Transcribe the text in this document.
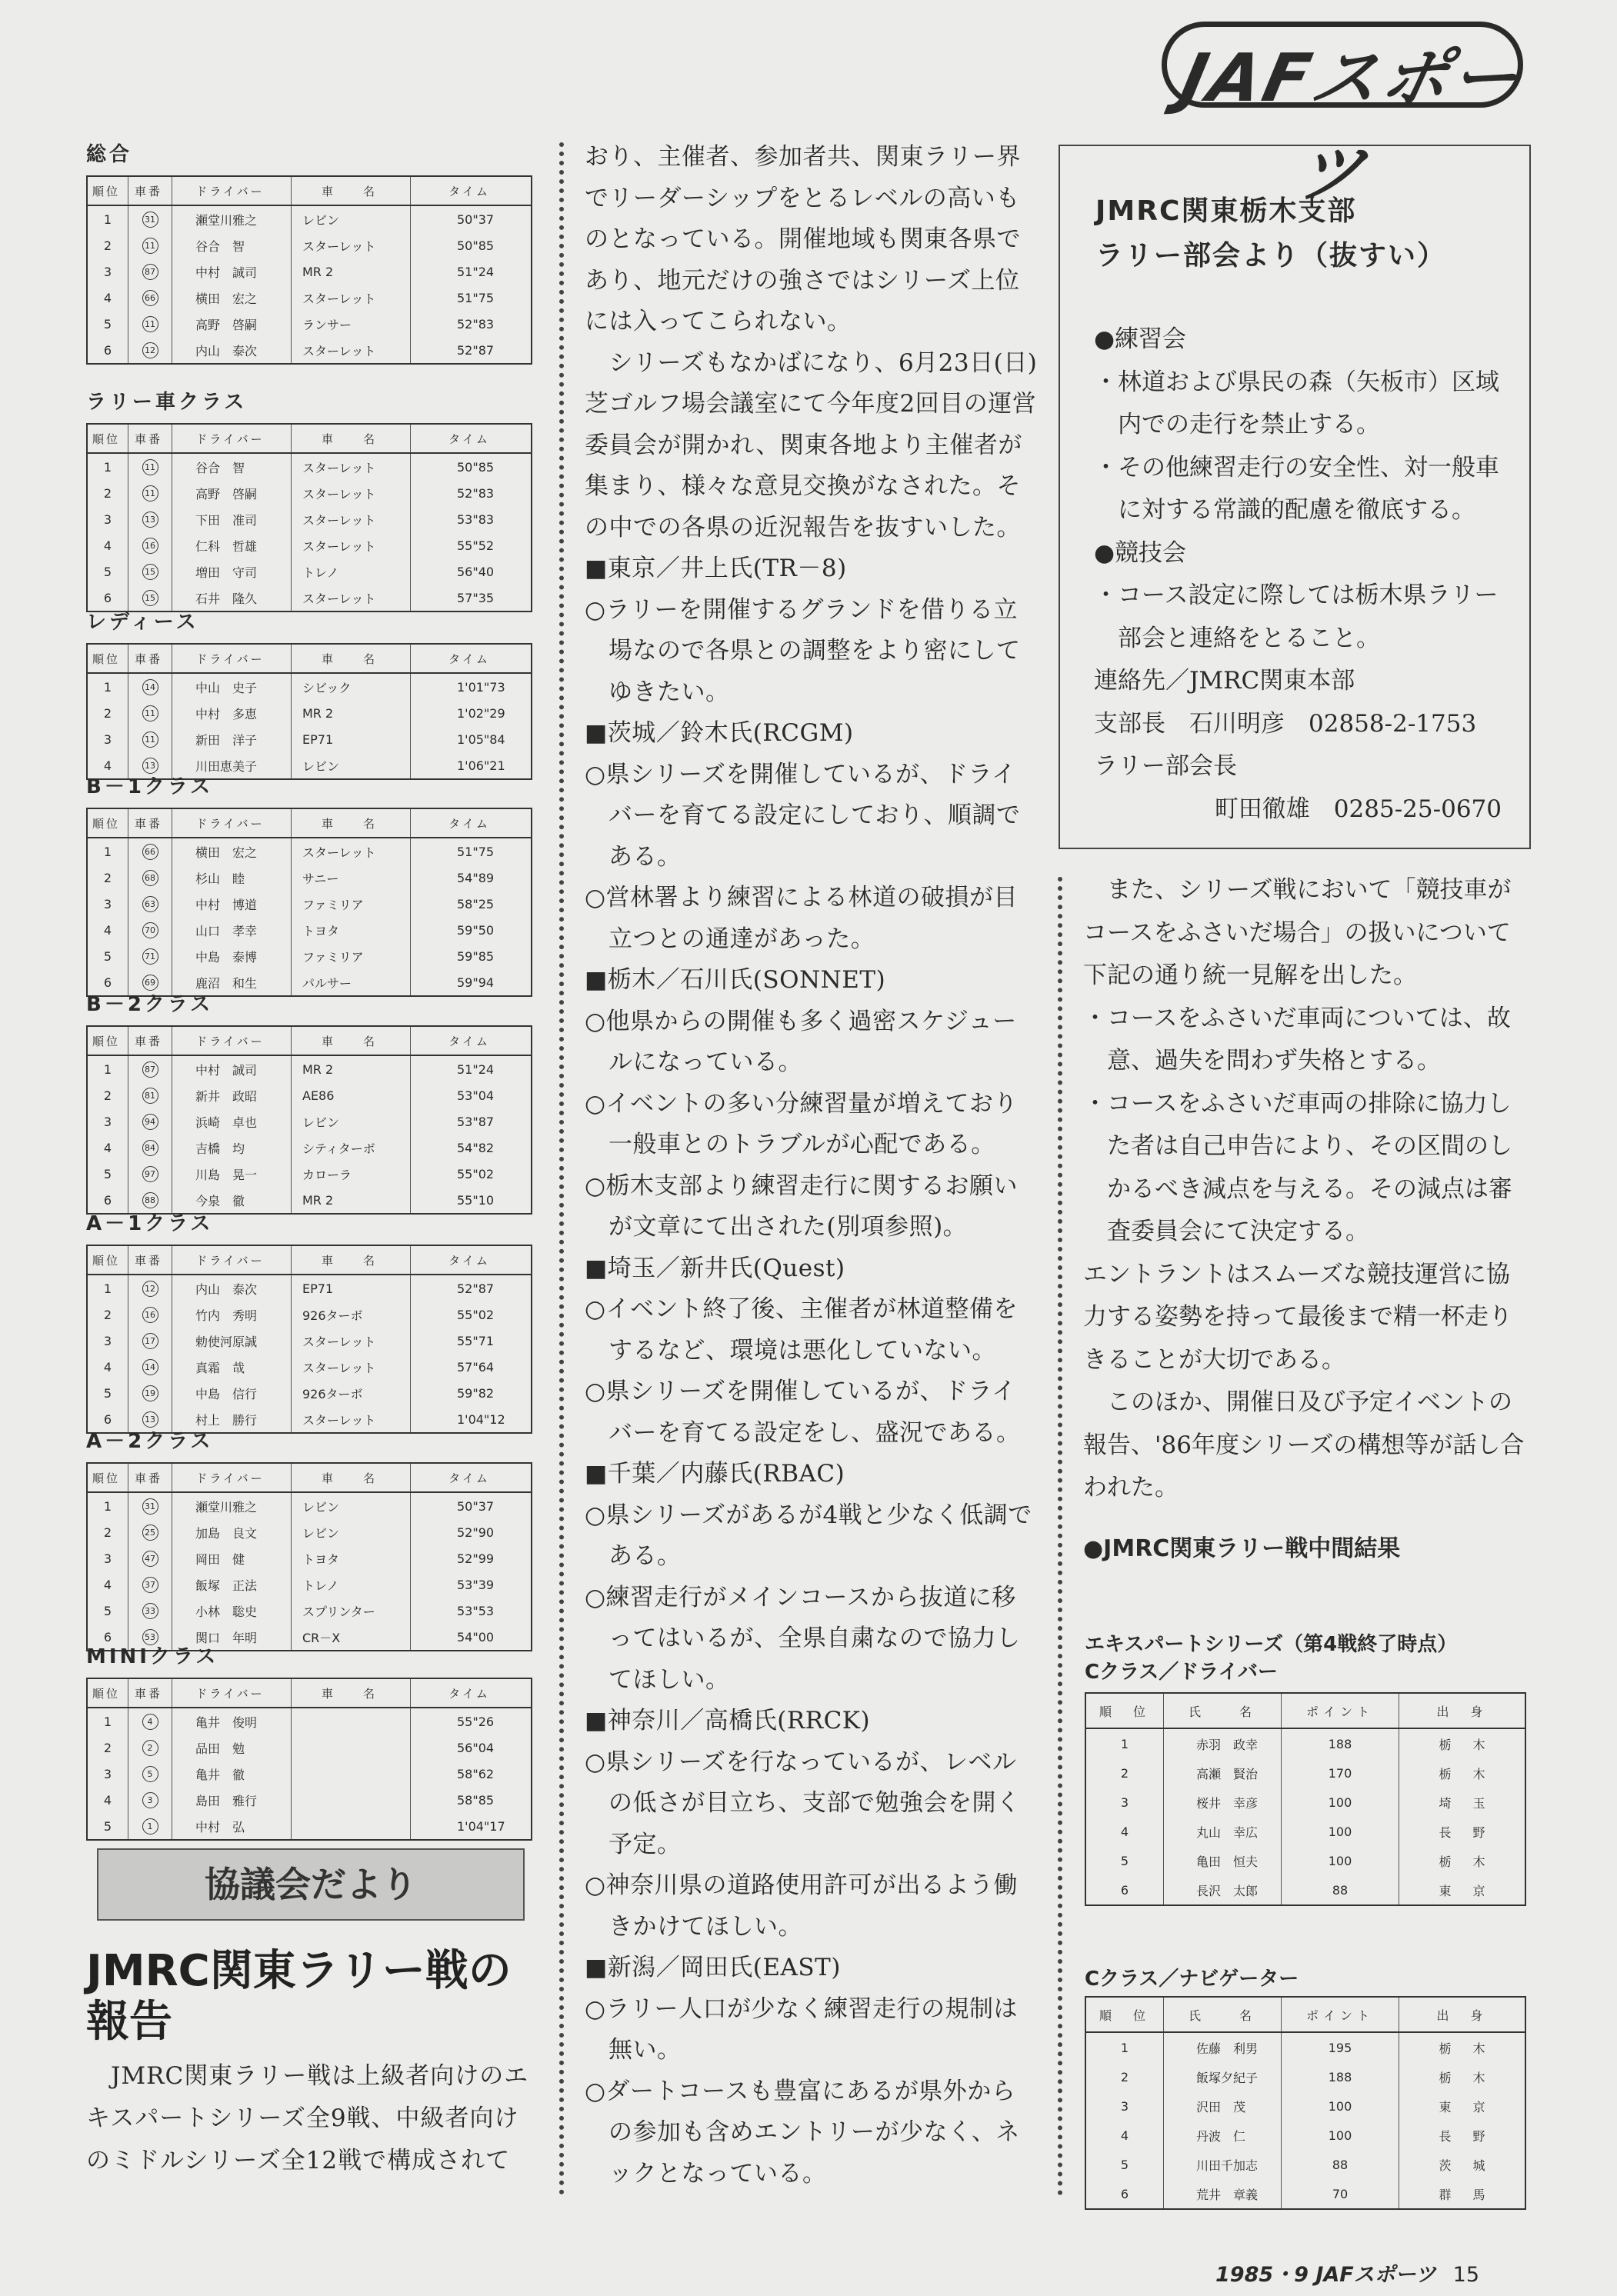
JAFスポーツ
総合
順位	車番	ドライバー	車　　名	タイム
1	31	瀬堂川雅之	レビン	50"37
2	11	谷合　智	スターレット	50"85
3	87	中村　誠司	MR 2	51"24
4	66	横田　宏之	スターレット	51"75
5	11	高野　啓嗣	ランサー	52"83
6	12	内山　泰次	スターレット	52"87
ラリー車クラス
順位	車番	ドライバー	車　　名	タイム
1	11	谷合　智	スターレット	50"85
2	11	高野　啓嗣	スターレット	52"83
3	13	下田　准司	スターレット	53"83
4	16	仁科　哲雄	スターレット	55"52
5	15	増田　守司	トレノ	56"40
6	15	石井　隆久	スターレット	57"35
レディース
順位	車番	ドライバー	車　　名	タイム
1	14	中山　史子	シビック	1'01"73
2	11	中村　多恵	MR 2	1'02"29
3	11	新田　洋子	EP71	1'05"84
4	13	川田恵美子	レビン	1'06"21
B－1クラス
順位	車番	ドライバー	車　　名	タイム
1	66	横田　宏之	スターレット	51"75
2	68	杉山　睦	サニー	54"89
3	63	中村　博道	ファミリア	58"25
4	70	山口　孝幸	トヨタ	59"50
5	71	中島　泰博	ファミリア	59"85
6	69	鹿沼　和生	パルサー	59"94
B－2クラス
順位	車番	ドライバー	車　　名	タイム
1	87	中村　誠司	MR 2	51"24
2	81	新井　政昭	AE86	53"04
3	94	浜崎　卓也	レビン	53"87
4	84	吉橋　均	シティターボ	54"82
5	97	川島　晃一	カローラ	55"02
6	88	今泉　徹	MR 2	55"10
A－1クラス
順位	車番	ドライバー	車　　名	タイム
1	12	内山　泰次	EP71	52"87
2	16	竹内　秀明	926ターボ	55"02
3	17	勅使河原誠	スターレット	55"71
4	14	真霜　哉	スターレット	57"64
5	19	中島　信行	926ターボ	59"82
6	13	村上　勝行	スターレット	1'04"12
A－2クラス
順位	車番	ドライバー	車　　名	タイム
1	31	瀬堂川雅之	レビン	50"37
2	25	加島　良文	レビン	52"90
3	47	岡田　健	トヨタ	52"99
4	37	飯塚　正法	トレノ	53"39
5	33	小林　聡史	スプリンター	53"53
6	53	関口　年明	CR－X	54"00
MINIクラス
順位	車番	ドライバー	車　　名	タイム
1	4	亀井　俊明		55"26
2	2	品田　勉		56"04
3	5	亀井　徹		58"62
4	3	島田　雅行		58"85
5	1	中村　弘		1'04"17
協議会だより
JMRC関東ラリー戦の
報告
　JMRC関東ラリー戦は上級者向けのエキスパートシリーズ全9戦、中級者向けのミドルシリーズ全12戦で構成されて

おり、主催者、参加者共、関東ラリー界でリーダーシップをとるレベルの高いものとなっている。開催地域も関東各県であり、地元だけの強さではシリーズ上位には入ってこられない。

　シリーズもなかばになり、6月23日(日)芝ゴルフ場会議室にて今年度2回目の運営委員会が開かれ、関東各地より主催者が集まり、様々な意見交換がなされた。その中での各県の近況報告を抜すいした。

■東京／井上氏(TR－8)

○ラリーを開催するグランドを借りる立場なので各県との調整をより密にしてゆきたい。

■茨城／鈴木氏(RCGM)

○県シリーズを開催しているが、ドライバーを育てる設定にしており、順調である。

○営林署より練習による林道の破損が目立つとの通達があった。

■栃木／石川氏(SONNET)

○他県からの開催も多く過密スケジュールになっている。

○イベントの多い分練習量が増えており一般車とのトラブルが心配である。

○栃木支部より練習走行に関するお願いが文章にて出された(別項参照)。

■埼玉／新井氏(Quest)

○イベント終了後、主催者が林道整備をするなど、環境は悪化していない。

○県シリーズを開催しているが、ドライバーを育てる設定をし、盛況である。

■千葉／内藤氏(RBAC)

○県シリーズがあるが4戦と少なく低調である。

○練習走行がメインコースから抜道に移ってはいるが、全県自粛なので協力してほしい。

■神奈川／高橋氏(RRCK)

○県シリーズを行なっているが、レベルの低さが目立ち、支部で勉強会を開く予定。

○神奈川県の道路使用許可が出るよう働きかけてほしい。

■新潟／岡田氏(EAST)

○ラリー人口が少なく練習走行の規制は無い。

○ダートコースも豊富にあるが県外からの参加も含めエントリーが少なく、ネックとなっている。

JMRC関東栃木支部
ラリー部会より（抜すい）

●練習会

・林道および県民の森（矢板市）区域内での走行を禁止する。

・その他練習走行の安全性、対一般車に対する常識的配慮を徹底する。

●競技会

・コース設定に際しては栃木県ラリー部会と連絡をとること。

連絡先／JMRC関東本部

支部長　石川明彦　02858-2-1753

ラリー部会長

町田徹雄　0285-25-0670

　また、シリーズ戦において「競技車がコースをふさいだ場合」の扱いについて下記の通り統一見解を出した。

・コースをふさいだ車両については、故意、過失を問わず失格とする。

・コースをふさいだ車両の排除に協力した者は自己申告により、その区間のしかるべき減点を与える。その減点は審査委員会にて決定する。

エントラントはスムーズな競技運営に協力する姿勢を持って最後まで精一杯走りきることが大切である。

　このほか、開催日及び予定イベントの報告、'86年度シリーズの構想等が話し合われた。

●JMRC関東ラリー戦中間結果
エキスパートシリーズ（第4戦終了時点）
Cクラス／ドライバー
順　位	氏　　名	ポイント	出　身
1	赤羽　政幸	188	栃木
2	高瀬　賢治	170	栃木
3	桜井　幸彦	100	埼玉
4	丸山　幸広	100	長野
5	亀田　恒夫	100	栃木
6	長沢　太郎	88	東京
Cクラス／ナビゲーター
順　位	氏　　名	ポイント	出　身
1	佐藤　利男	195	栃木
2	飯塚夕紀子	188	栃木
3	沢田　茂	100	東京
4	丹波　仁	100	長野
5	川田千加志	88	茨城
6	荒井　章義	70	群馬
1985・9 JAFスポーツ 15
